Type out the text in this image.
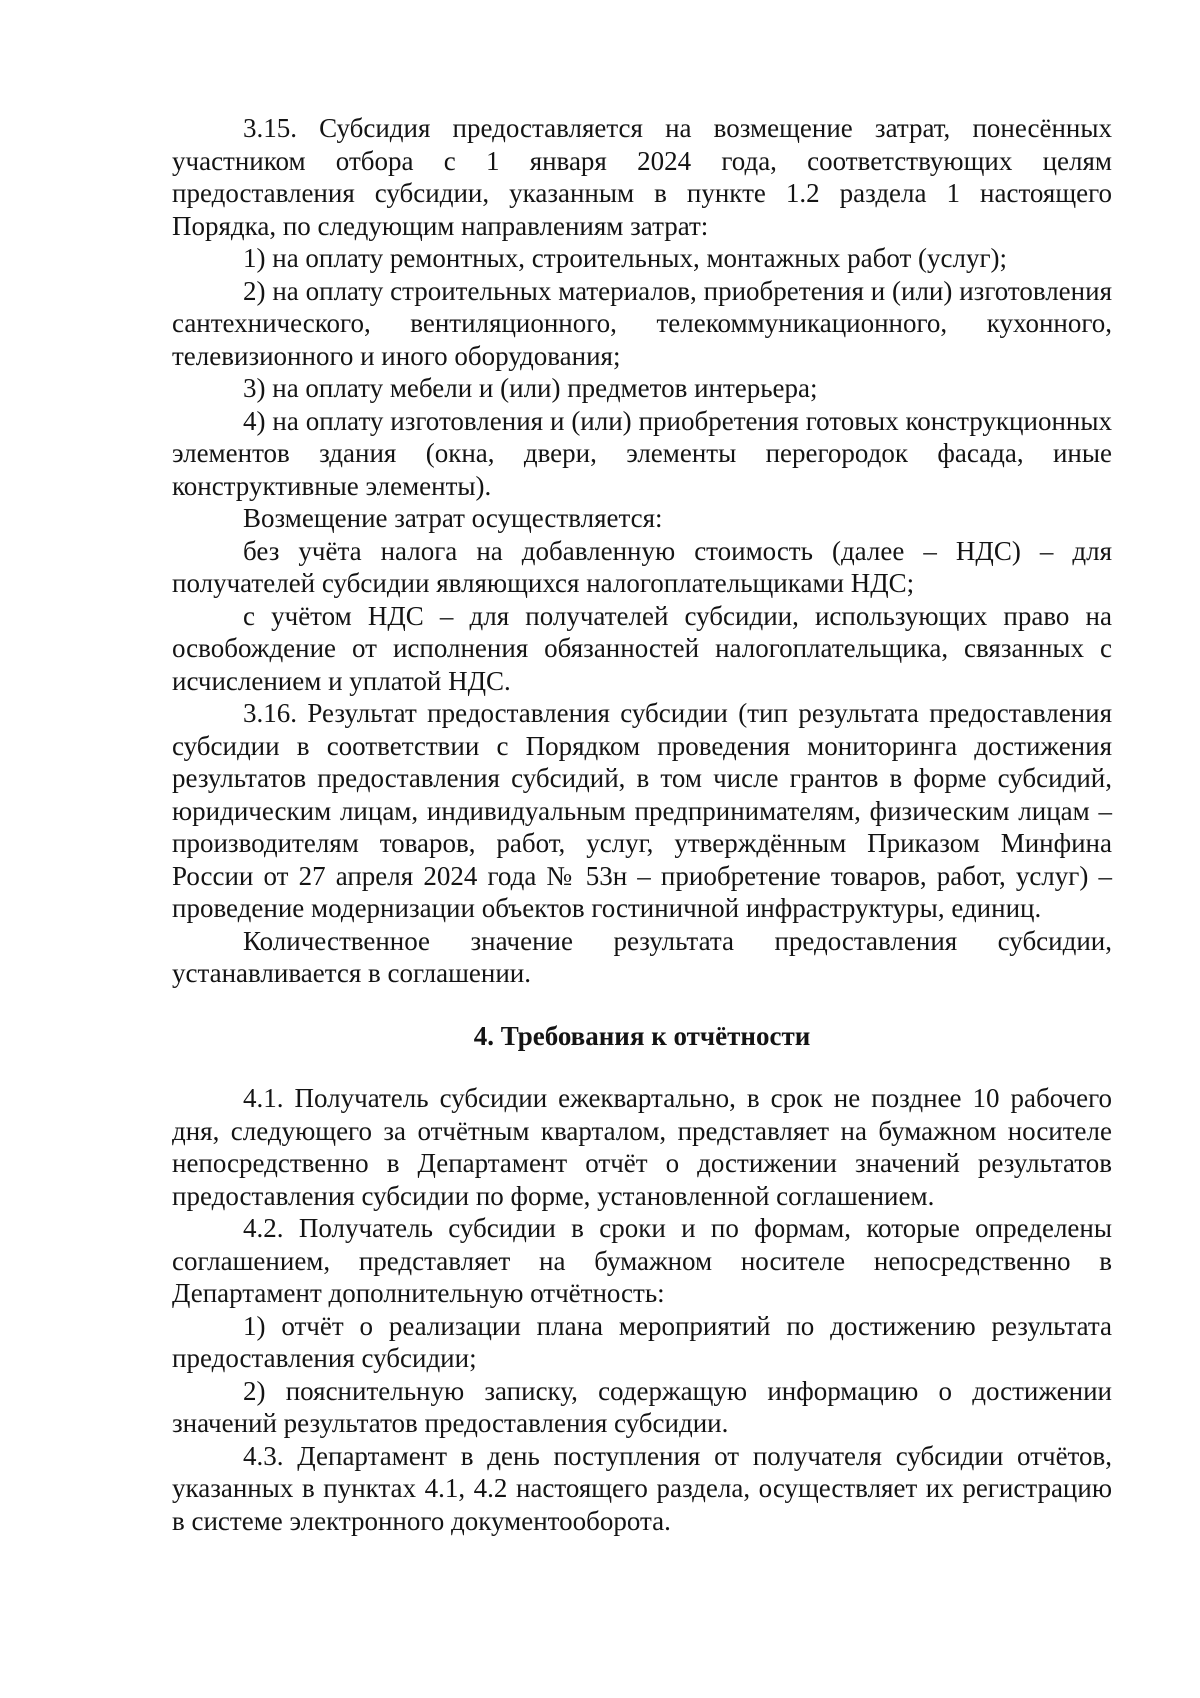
3.15. Субсидия предоставляется на возмещение затрат, понесённых участником отбора с 1 января 2024 года, соответствующих целям предоставления субсидии, указанным в пункте 1.2 раздела 1 настоящего Порядка, по следующим направлениям затрат:

1) на оплату ремонтных, строительных, монтажных работ (услуг);

2) на оплату строительных материалов, приобретения и (или) изготовления сантехнического, вентиляционного, телекоммуникационного, кухонного, телевизионного и иного оборудования;

3) на оплату мебели и (или) предметов интерьера;

4) на оплату изготовления и (или) приобретения готовых конструкционных элементов здания (окна, двери, элементы перегородок фасада, иные конструктивные элементы).

Возмещение затрат осуществляется:

без учёта налога на добавленную стоимость (далее – НДС) – для получателей субсидии являющихся налогоплательщиками НДС;

с учётом НДС – для получателей субсидии, использующих право на освобождение от исполнения обязанностей налогоплательщика, связанных с исчислением и уплатой НДС.

3.16. Результат предоставления субсидии (тип результата предоставления субсидии в соответствии с Порядком проведения мониторинга достижения результатов предоставления субсидий, в том числе грантов в форме субсидий, юридическим лицам, индивидуальным предпринимателям, физическим лицам – производителям товаров, работ, услуг, утверждённым Приказом Минфина России от 27 апреля 2024 года № 53н – приобретение товаров, работ, услуг) – проведение модернизации объектов гостиничной инфраструктуры, единиц.

Количественное значение результата предоставления субсидии, устанавливается в соглашении.

4. Требования к отчётности

4.1. Получатель субсидии ежеквартально, в срок не позднее 10 рабочего дня, следующего за отчётным кварталом, представляет на бумажном носителе непосредственно в Департамент отчёт о достижении значений результатов предоставления субсидии по форме, установленной соглашением.

4.2. Получатель субсидии в сроки и по формам, которые определены соглашением, представляет на бумажном носителе непосредственно в Департамент дополнительную отчётность:

1) отчёт о реализации плана мероприятий по достижению результата предоставления субсидии;

2) пояснительную записку, содержащую информацию о достижении значений результатов предоставления субсидии.

4.3. Департамент в день поступления от получателя субсидии отчётов, указанных в пунктах 4.1, 4.2 настоящего раздела, осуществляет их регистрацию в системе электронного документооборота.
